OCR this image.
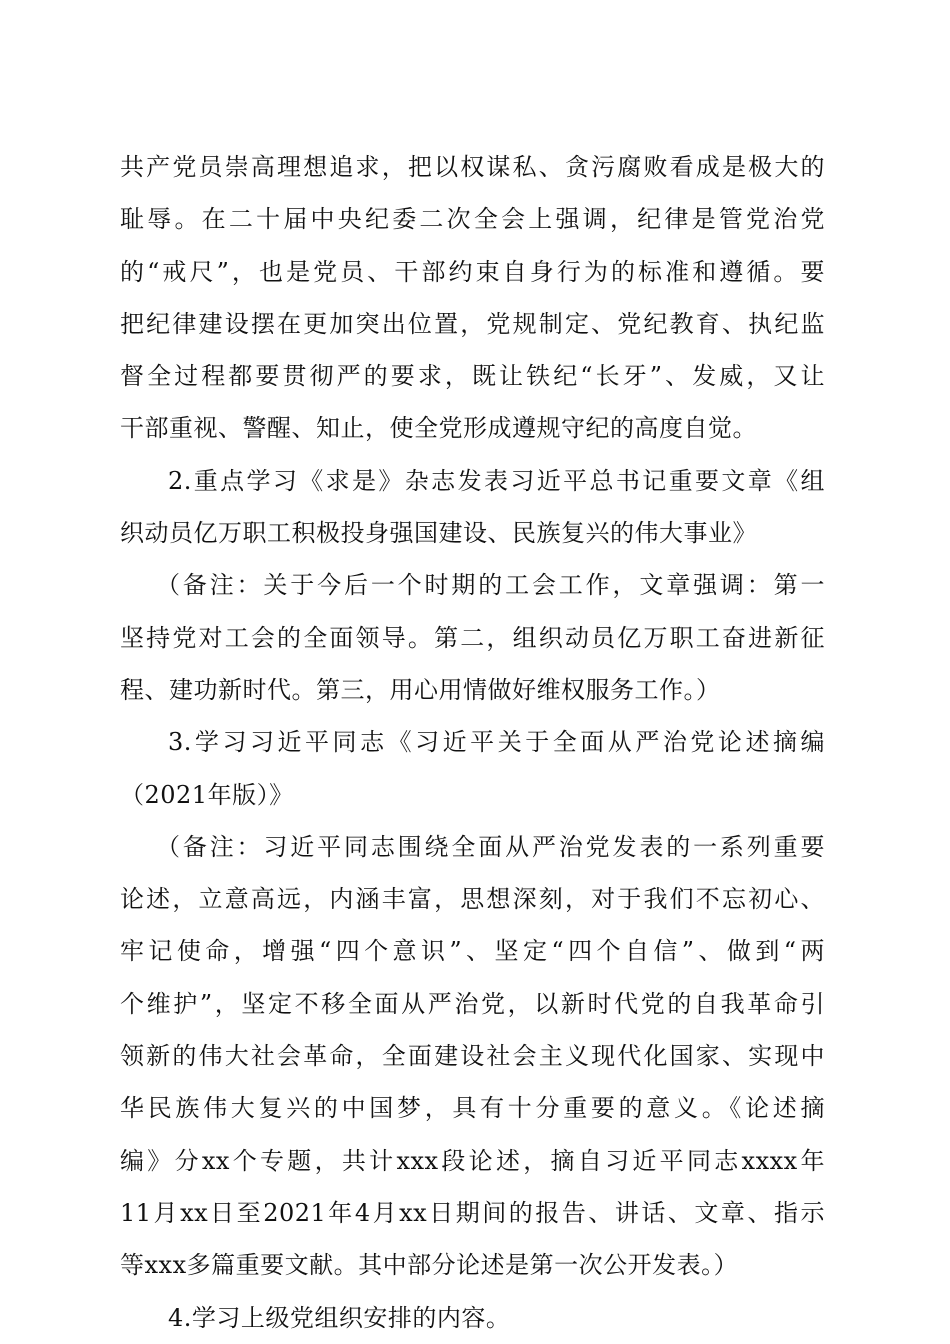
共产党员崇高理想追求，把以权谋私、贪污腐败看成是极大的
耻辱。在二十届中央纪委二次全会上强调，纪律是管党治党
的“戒尺”，也是党员、干部约束自身行为的标准和遵循。要
把纪律建设摆在更加突出位置，党规制定、党纪教育、执纪监
督全过程都要贯彻严的要求，既让铁纪“长牙”、发威，又让
干部重视、警醒、知止，使全党形成遵规守纪的高度自觉。
2.重点学习《求是》杂志发表习近平总书记重要文章《组
织动员亿万职工积极投身强国建设、民族复兴的伟大事业》
（备注：关于今后一个时期的工会工作，文章强调：第一
坚持党对工会的全面领导。第二，组织动员亿万职工奋进新征
程、建功新时代。第三，用心用情做好维权服务工作。）
3.学习习近平同志《习近平关于全面从严治党论述摘编
（2021年版）》
（备注：习近平同志围绕全面从严治党发表的一系列重要
论述，立意高远，内涵丰富，思想深刻，对于我们不忘初心、
牢记使命，增强“四个意识”、坚定“四个自信”、做到“两
个维护”，坚定不移全面从严治党，以新时代党的自我革命引
领新的伟大社会革命，全面建设社会主义现代化国家、实现中
华民族伟大复兴的中国梦，具有十分重要的意义。《论述摘
编》分xx个专题，共计xxx段论述，摘自习近平同志xxxx年
11月xx日至2021年4月xx日期间的报告、讲话、文章、指示
等xxx多篇重要文献。其中部分论述是第一次公开发表。）
4.学习上级党组织安排的内容。
